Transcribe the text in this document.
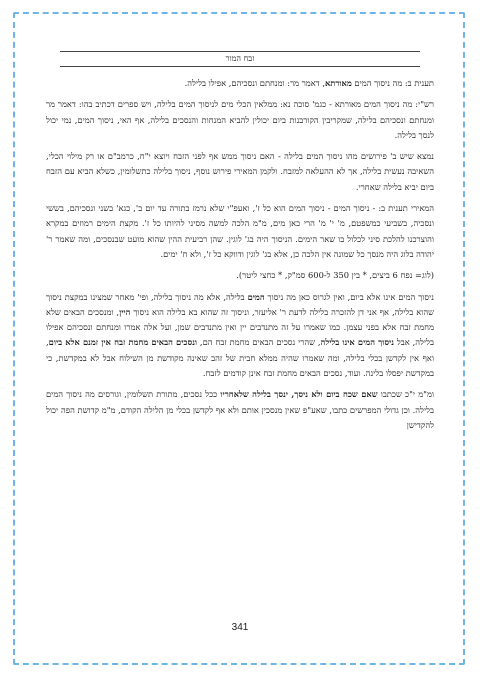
זבח המור

תענית ב: מה ניסוך המים מאורתא, דאמר מר: ומנחתם ונסכיהם, אפילו בלילה.

רש"י: מה ניסוך המים מאורתא - כגמ' סוכה נא: ממלאין הכלי מים לניסוך המים בלילה, ויש ספרים דכתיב בהו: דאמר מר ומנחתם ונסכיהם בלילה, שמקריבין הקורבנות ביום יכולין להביא המנחות והנסכים בלילה, אף האי, ניסוך המים, נמי יכול לנסך בלילה.

נמצא שיש ב' פירושים מהו ניסוך המים בלילה - האם ניסוך ממש אף לפני הזבח ויוצא י"ח, כרמב"ם או רק מילוי הכלי, השאיבה נעשית בלילה, אך לא ההעלאה למזבח. ולקמן המאירי פירוש נוסף, ניסוך בלילה כתשלומין, כשלא הביא עם הזבח ביום יביא בלילה שאחרי.

המאירי תענית ב: - ניסוך המים - ניסוך המים הוא כל ז', ואעפ"י שלא נרמז בתורה עד יום ב', כגא' בשני ונסכיהם, בששי ונסכיה, בשביעי כמשפטם, מ' י' מ' הרי כאן מים, מ"מ הלכה למשה מסיני להיותו כל ז'. מקצת הימים רמוזים במקרא והוצרכנו להלכת סיני לכלול בו שאר הימים. הניסוך היה בג' לוגין. שהן רביעית ההין שהוא מועט שבנסכים, ומה שאמר ר' יהודה בלוג היה מנסך כל שמונה אין הלכה כן, אלא בג' לוגין ודווקא כל ז', ולא ח' ימים.

(לוג= נפח 6 ביצים, * בין 350 ל-600 סמ"ק, * כחצי ליטר).

ניסוך המים אינו אלא ביום, ואין לגרוס כאן מה ניסוך המים בלילה, אלא מה ניסוך בלילה, ופי' מאחר שמצינו במקצת ניסוך שהוא בלילה, אף אני דן להזכרה בלילה לדעת ר' אליעזר, וניסוך זה שהוא בא בלילה הוא ניסוך היין, ומנסכים הבאים שלא מחמת זבח אלא בפני עצמן. כמו שאמרו על זה מתנדבים יין ואין מתנדבים שמן, ועל אלה אמרו ומנחתם ונסכיהם אפילו בלילה, אבל ניסוך המים אינו בלילה, שהרי נסכים הבאים מחמת זבח הם, ונסכים הבאים מחמת זבח אין זמנם אלא ביום, ואף אין לקדשן בכלי בלילה, ומה שאמרו שהיה ממלא חבית של זהב שאינה מקודשת מן השילוח אבל לא במקדשת, כי במקדשת יפסלו בלינה. ועוד, נסכים הבאים מחמת זבח אינן קודמים לזבח.

ומ"מ י"כ שכתבו שאם שכח ביום ולא ניסך, ינסך בלילה שלאחריו ככל נסכים, מתורת תשלומין, וגורסים מה ניסוך המים בלילה. וכן גדולי המפרשים כתבו, שאע"פ שאין מנסכין אותם ולא אף לקדשן בכלי מן הלילה הקודם, מ"מ קדושת הפה יכול להקדישן

341
